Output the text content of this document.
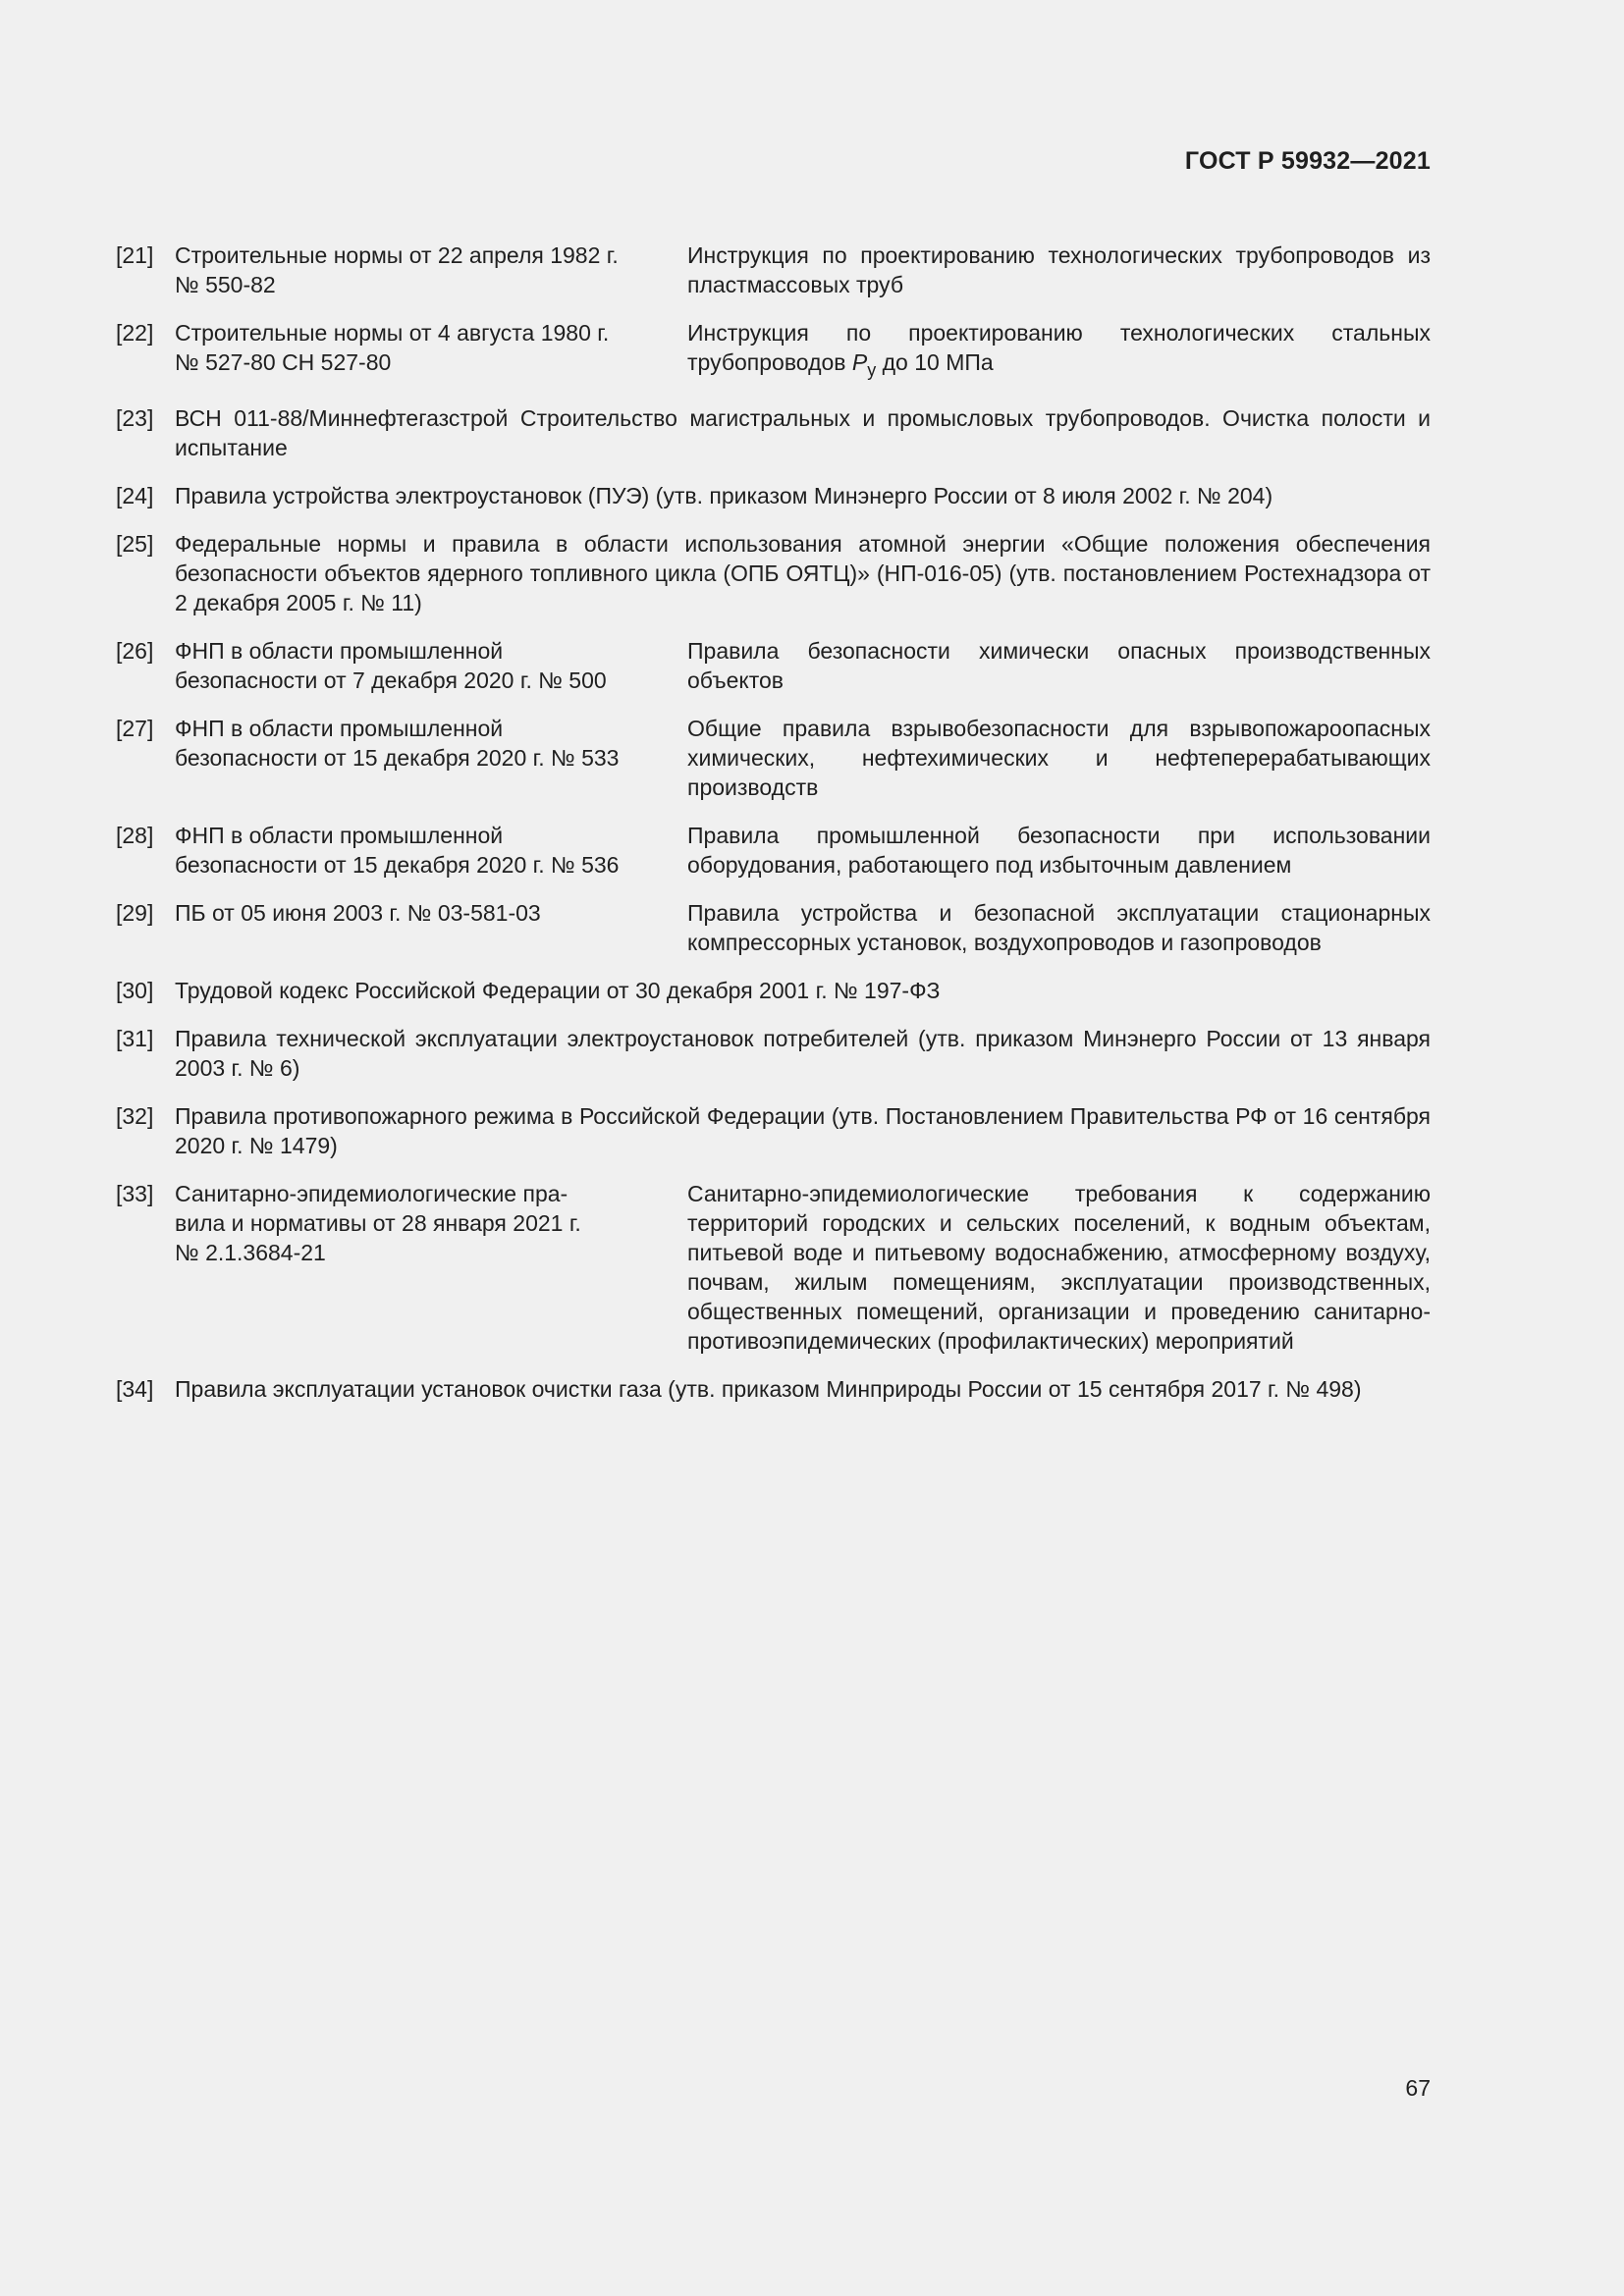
ГОСТ Р 59932—2021
[21] Строительные нормы от 22 апреля 1982 г.
№ 550-82
Инструкция по проектированию технологических трубопроводов из пластмассовых труб
[22] Строительные нормы от 4 августа 1980 г.
№ 527-80 СН 527-80
Инструкция по проектированию технологических стальных трубопроводов $P_у$ до 10 МПа
[23] ВСН 011-88/Миннефтегазстрой Строительство магистральных и промысловых трубопроводов. Очистка полости и испытание
[24] Правила устройства электроустановок (ПУЭ) (утв. приказом Минэнерго России от 8 июля 2002 г. № 204)
[25] Федеральные нормы и правила в области использования атомной энергии «Общие положения обеспечения безопасности объектов ядерного топливного цикла (ОПБ ОЯТЦ)» (НП-016-05) (утв. постановлением Ростехнадзора от 2 декабря 2005 г. № 11)
[26] ФНП в области промышленной
безопасности от 7 декабря 2020 г. № 500
Правила безопасности химически опасных производственных объектов
[27] ФНП в области промышленной
безопасности от 15 декабря 2020 г. № 533
Общие правила взрывобезопасности для взрывопожароопасных химических, нефтехимических и нефтеперерабатывающих производств
[28] ФНП в области промышленной
безопасности от 15 декабря 2020 г. № 536
Правила промышленной безопасности при использовании оборудования, работающего под избыточным давлением
[29] ПБ от 05 июня 2003 г. № 03-581-03	Правила устройства и безопасной эксплуатации стационарных компрессорных установок, воздухопроводов и газопроводов
[30] Трудовой кодекс Российской Федерации от 30 декабря 2001 г. № 197-ФЗ
[31] Правила технической эксплуатации электроустановок потребителей (утв. приказом Минэнерго России от 13 января 2003 г. № 6)
[32] Правила противопожарного режима в Российской Федерации (утв. Постановлением Правительства РФ от 16 сентября 2020 г. № 1479)
[33] Санитарно-эпидемиологические пра-
вила и нормативы от 28 января 2021 г.
№ 2.1.3684-21
Санитарно-эпидемиологические требования к содержанию территорий городских и сельских поселений, к водным объектам, питьевой воде и питьевому водоснабжению, атмосферному воздуху, почвам, жилым помещениям, эксплуатации производственных, общественных помещений, организации и проведению санитарно-противоэпидемических (профилактических) мероприятий
[34] Правила эксплуатации установок очистки газа (утв. приказом Минприроды России от 15 сентября 2017 г. № 498)
67
